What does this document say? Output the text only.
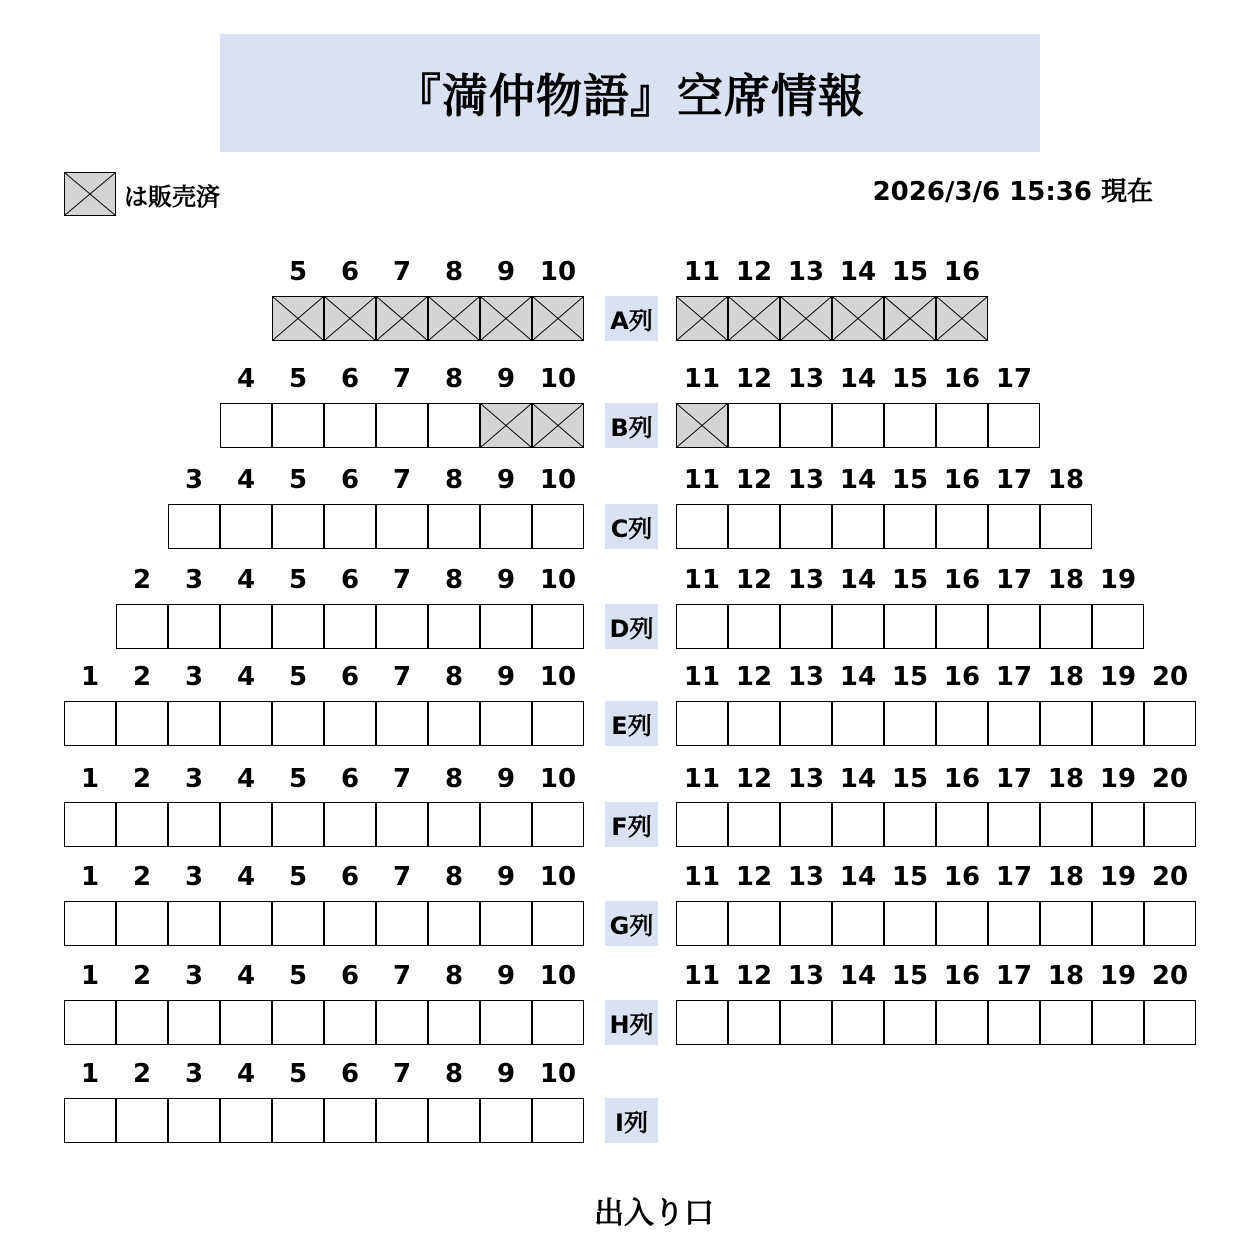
『満仲物語』空席情報
は販売済	2026/3/6 15:36 現在
5	6	7	8	9 10	11 12 13 14 15 16
A列
4	5	6	7	8	9 10	11 12 13 14 15 16 17
B列
3	4	5	6	7	8	9 10	11 12 13 14 15 16 17 18
C列
2	3	4	5	6	7	8	9 10	11 12 13 14 15 16 17 18 19
D列
1	2	3	4	5	6	7	8	9 10	11 12 13 14 15 16 17 18 19 20
E列
1	2	3	4	5	6	7	8	9 10	11 12 13 14 15 16 17 18 19 20
F列
1	2	3	4	5	6	7	8	9 10	11 12 13 14 15 16 17 18 19 20
G列
1	2	3	4	5	6	7	8	9 10	11 12 13 14 15 16 17 18 19 20
H列
1	2	3	4	5	6	7	8	9 10
I列
出入り口
